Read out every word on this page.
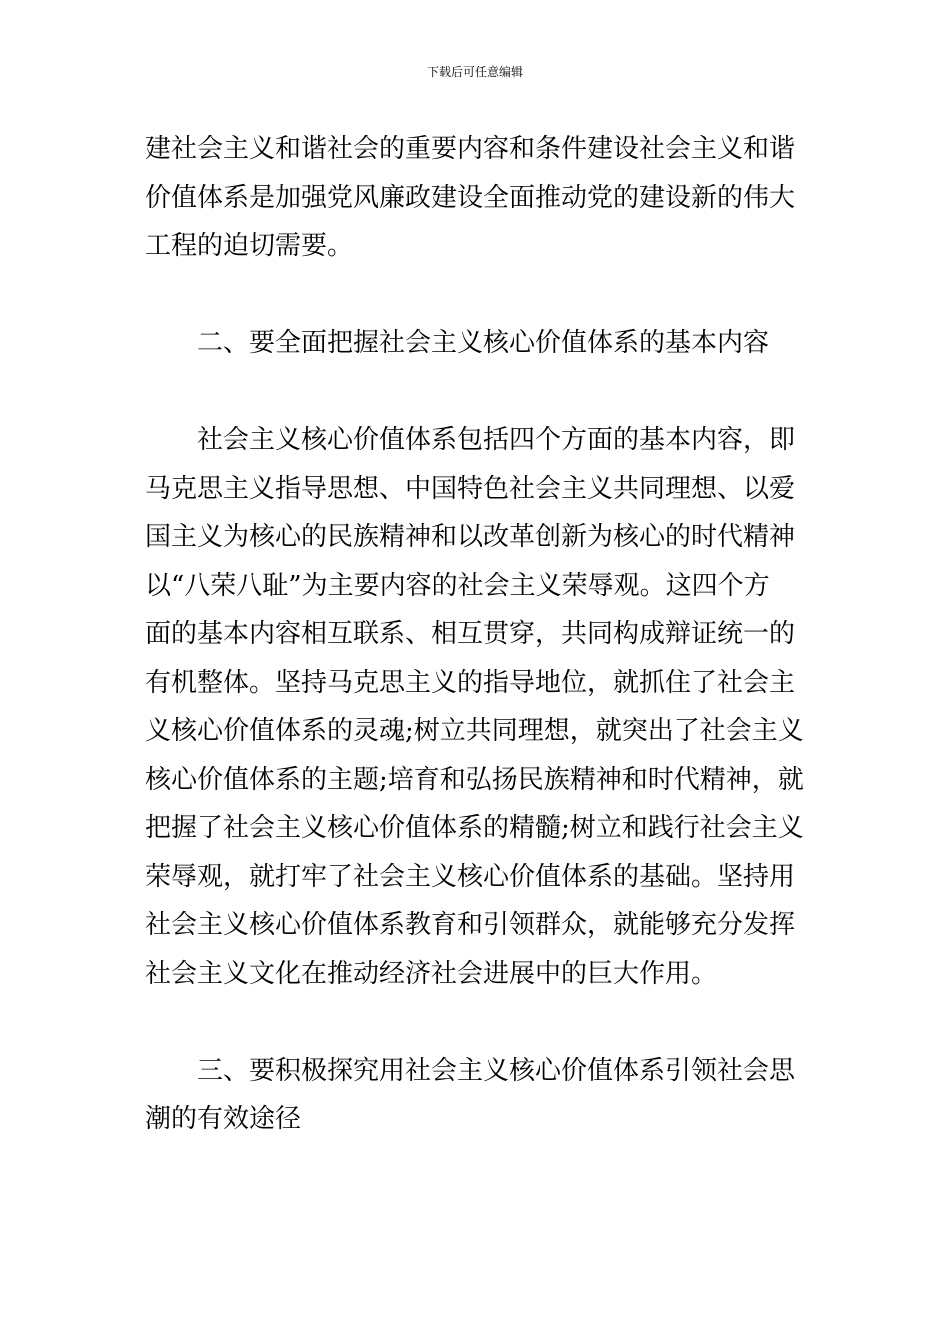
下载后可任意编辑
建社会主义和谐社会的重要内容和条件建设社会主义和谐
价值体系是加强党风廉政建设全面推动党的建设新的伟大
工程的迫切需要。
二、要全面把握社会主义核心价值体系的基本内容
社会主义核心价值体系包括四个方面的基本内容，即
马克思主义指导思想、中国特色社会主义共同理想、以爱
国主义为核心的民族精神和以改革创新为核心的时代精神
以“八荣八耻”为主要内容的社会主义荣辱观。这四个方
面的基本内容相互联系、相互贯穿，共同构成辩证统一的
有机整体。坚持马克思主义的指导地位，就抓住了社会主
义核心价值体系的灵魂;树立共同理想，就突出了社会主义
核心价值体系的主题;培育和弘扬民族精神和时代精神，就
把握了社会主义核心价值体系的精髓;树立和践行社会主义
荣辱观，就打牢了社会主义核心价值体系的基础。坚持用
社会主义核心价值体系教育和引领群众，就能够充分发挥
社会主义文化在推动经济社会进展中的巨大作用。
三、要积极探究用社会主义核心价值体系引领社会思
潮的有效途径
